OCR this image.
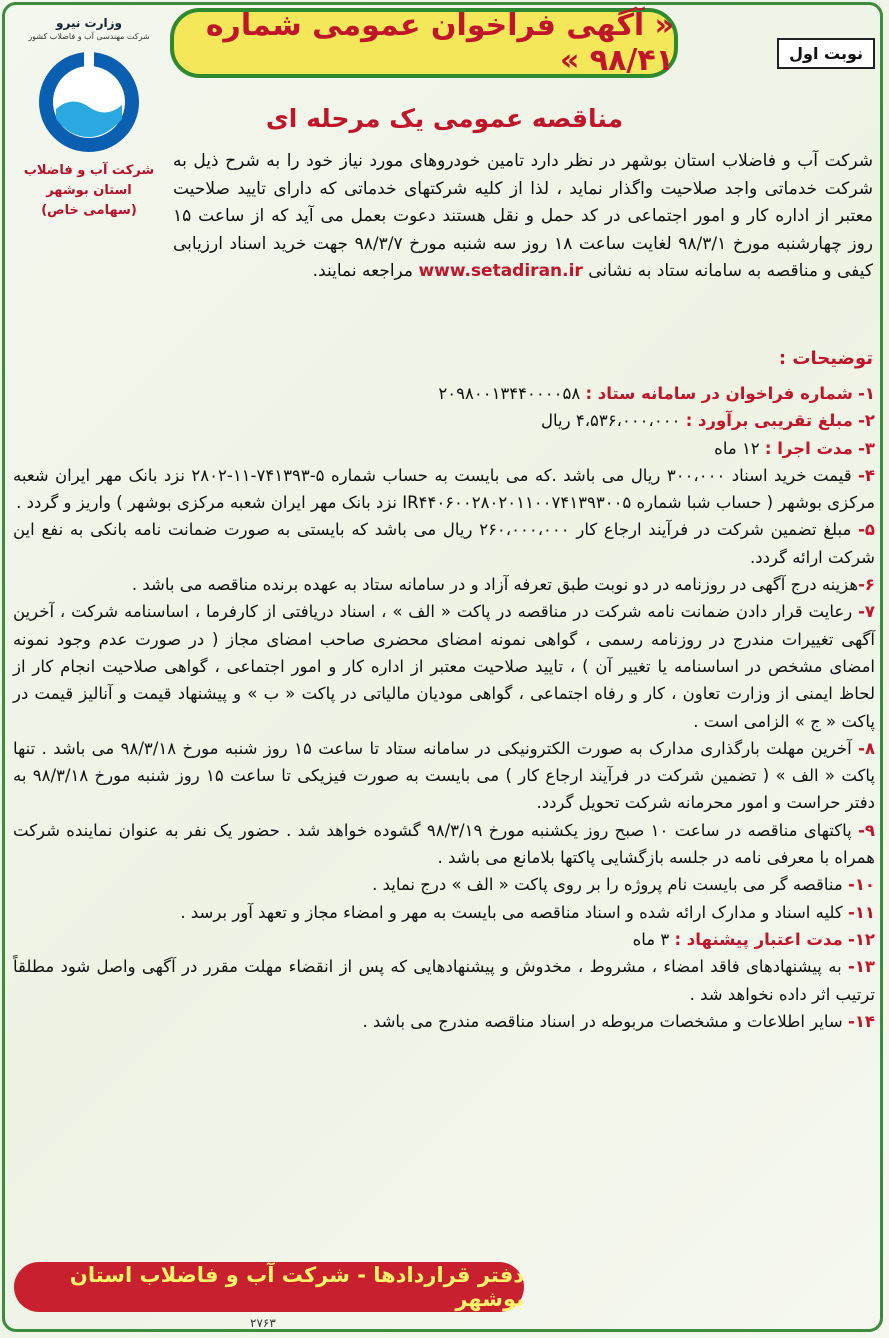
« آگهی فراخوان عمومی شماره ۹۸/۴۱ »	نوبت اول
وزارت نیرو
شرکت مهندسی آب و فاضلاب کشور
شرکت آب و فاضلاب
استان بوشهر
(سهامی خاص)
مناقصه عمومی یک مرحله ای
شرکت آب و فاضلاب استان بوشهر در نظر دارد تامین خودروهای مورد نیاز خود را به شرح ذیل به شرکت خدماتی واجد صلاحیت واگذار نماید ، لذا از کلیه شرکتهای خدماتی که دارای تایید صلاحیت معتبر از اداره کار و امور اجتماعی در کد حمل و نقل هستند دعوت بعمل می آید که از ساعت ۱۵ روز چهارشنبه مورخ ۹۸/۳/۱ لغایت ساعت ۱۸ روز سه شنبه مورخ ۹۸/۳/۷ جهت خرید اسناد ارزیابی کیفی و مناقصه به سامانه ستاد به نشانی www.setadiran.ir مراجعه نمایند.
توضیحات :

۱- شماره فراخوان در سامانه ستاد : ۲۰۹۸۰۰۱۳۴۴۰۰۰۰۵۸

۲- مبلغ تقریبی برآورد : ۴،۵۳۶،۰۰۰،۰۰۰ ریال

۳- مدت اجرا : ۱۲ ماه

۴- قیمت خرید اسناد ۳۰۰،۰۰۰ ریال می باشد .که می بایست به حساب شماره ۵-۷۴۱۳۹۳-۱۱-۲۸۰۲ نزد بانک مهر ایران شعبه مرکزی بوشهر ( حساب شبا شماره IR۴۴۰۶۰۰۲۸۰۲۰۱۱۰۰۷۴۱۳۹۳۰۰۵ نزد بانک مهر ایران شعبه مرکزی بوشهر ) واریز و گردد .

۵- مبلغ تضمین شرکت در فرآیند ارجاع کار ۲۶۰،۰۰۰،۰۰۰ ریال می باشد که بایستی به صورت ضمانت نامه بانکی به نفع این شرکت ارائه گردد.

۶-هزینه درج آگهی در روزنامه در دو نوبت طبق تعرفه آزاد و در سامانه ستاد به عهده برنده مناقصه می باشد .

۷- رعایت قرار دادن ضمانت نامه شرکت در مناقصه در پاکت « الف » ، اسناد دریافتی از کارفرما ، اساسنامه شرکت ، آخرین آگهی تغییرات مندرج در روزنامه رسمی ، گواهی نمونه امضای محضری صاحب امضای مجاز ( در صورت عدم وجود نمونه امضای مشخص در اساسنامه یا تغییر آن ) ، تایید صلاحیت معتبر از اداره کار و امور اجتماعی ، گواهی صلاحیت انجام کار از لحاظ ایمنی از وزارت تعاون ، کار و رفاه اجتماعی ، گواهی مودیان مالیاتی در پاکت « ب » و پیشنهاد قیمت و آنالیز قیمت در پاکت « ج » الزامی است .

۸- آخرین مهلت بارگذاری مدارک به صورت الکترونیکی در سامانه ستاد تا ساعت ۱۵ روز شنبه مورخ ۹۸/۳/۱۸ می باشد . تنها پاکت « الف » ( تضمین شرکت در فرآیند ارجاع کار ) می بایست به صورت فیزیکی تا ساعت ۱۵ روز شنبه مورخ ۹۸/۳/۱۸ به دفتر حراست و امور محرمانه شرکت تحویل گردد.

۹- پاکتهای مناقصه در ساعت ۱۰ صبح روز یکشنبه مورخ ۹۸/۳/۱۹ گشوده خواهد شد . حضور یک نفر به عنوان نماینده شرکت همراه با معرفی نامه در جلسه بازگشایی پاکتها بلامانع می باشد .

۱۰- مناقصه گر می بایست نام پروژه را بر روی پاکت « الف » درج نماید .

۱۱- کلیه اسناد و مدارک ارائه شده و اسناد مناقصه می بایست به مهر و امضاء مجاز و تعهد آور برسد .

۱۲- مدت اعتبار پیشنهاد : ۳ ماه

۱۳- به پیشنهادهای فاقد امضاء ، مشروط ، مخدوش و پیشنهادهایی که پس از انقضاء مهلت مقرر در آگهی واصل شود مطلقاً ترتیب اثر داده نخواهد شد .

۱۴- سایر اطلاعات و مشخصات مربوطه در اسناد مناقصه مندرج می باشد .

دفتر قراردادها - شرکت آب و فاضلاب استان بوشهر
۲۷۶۳
